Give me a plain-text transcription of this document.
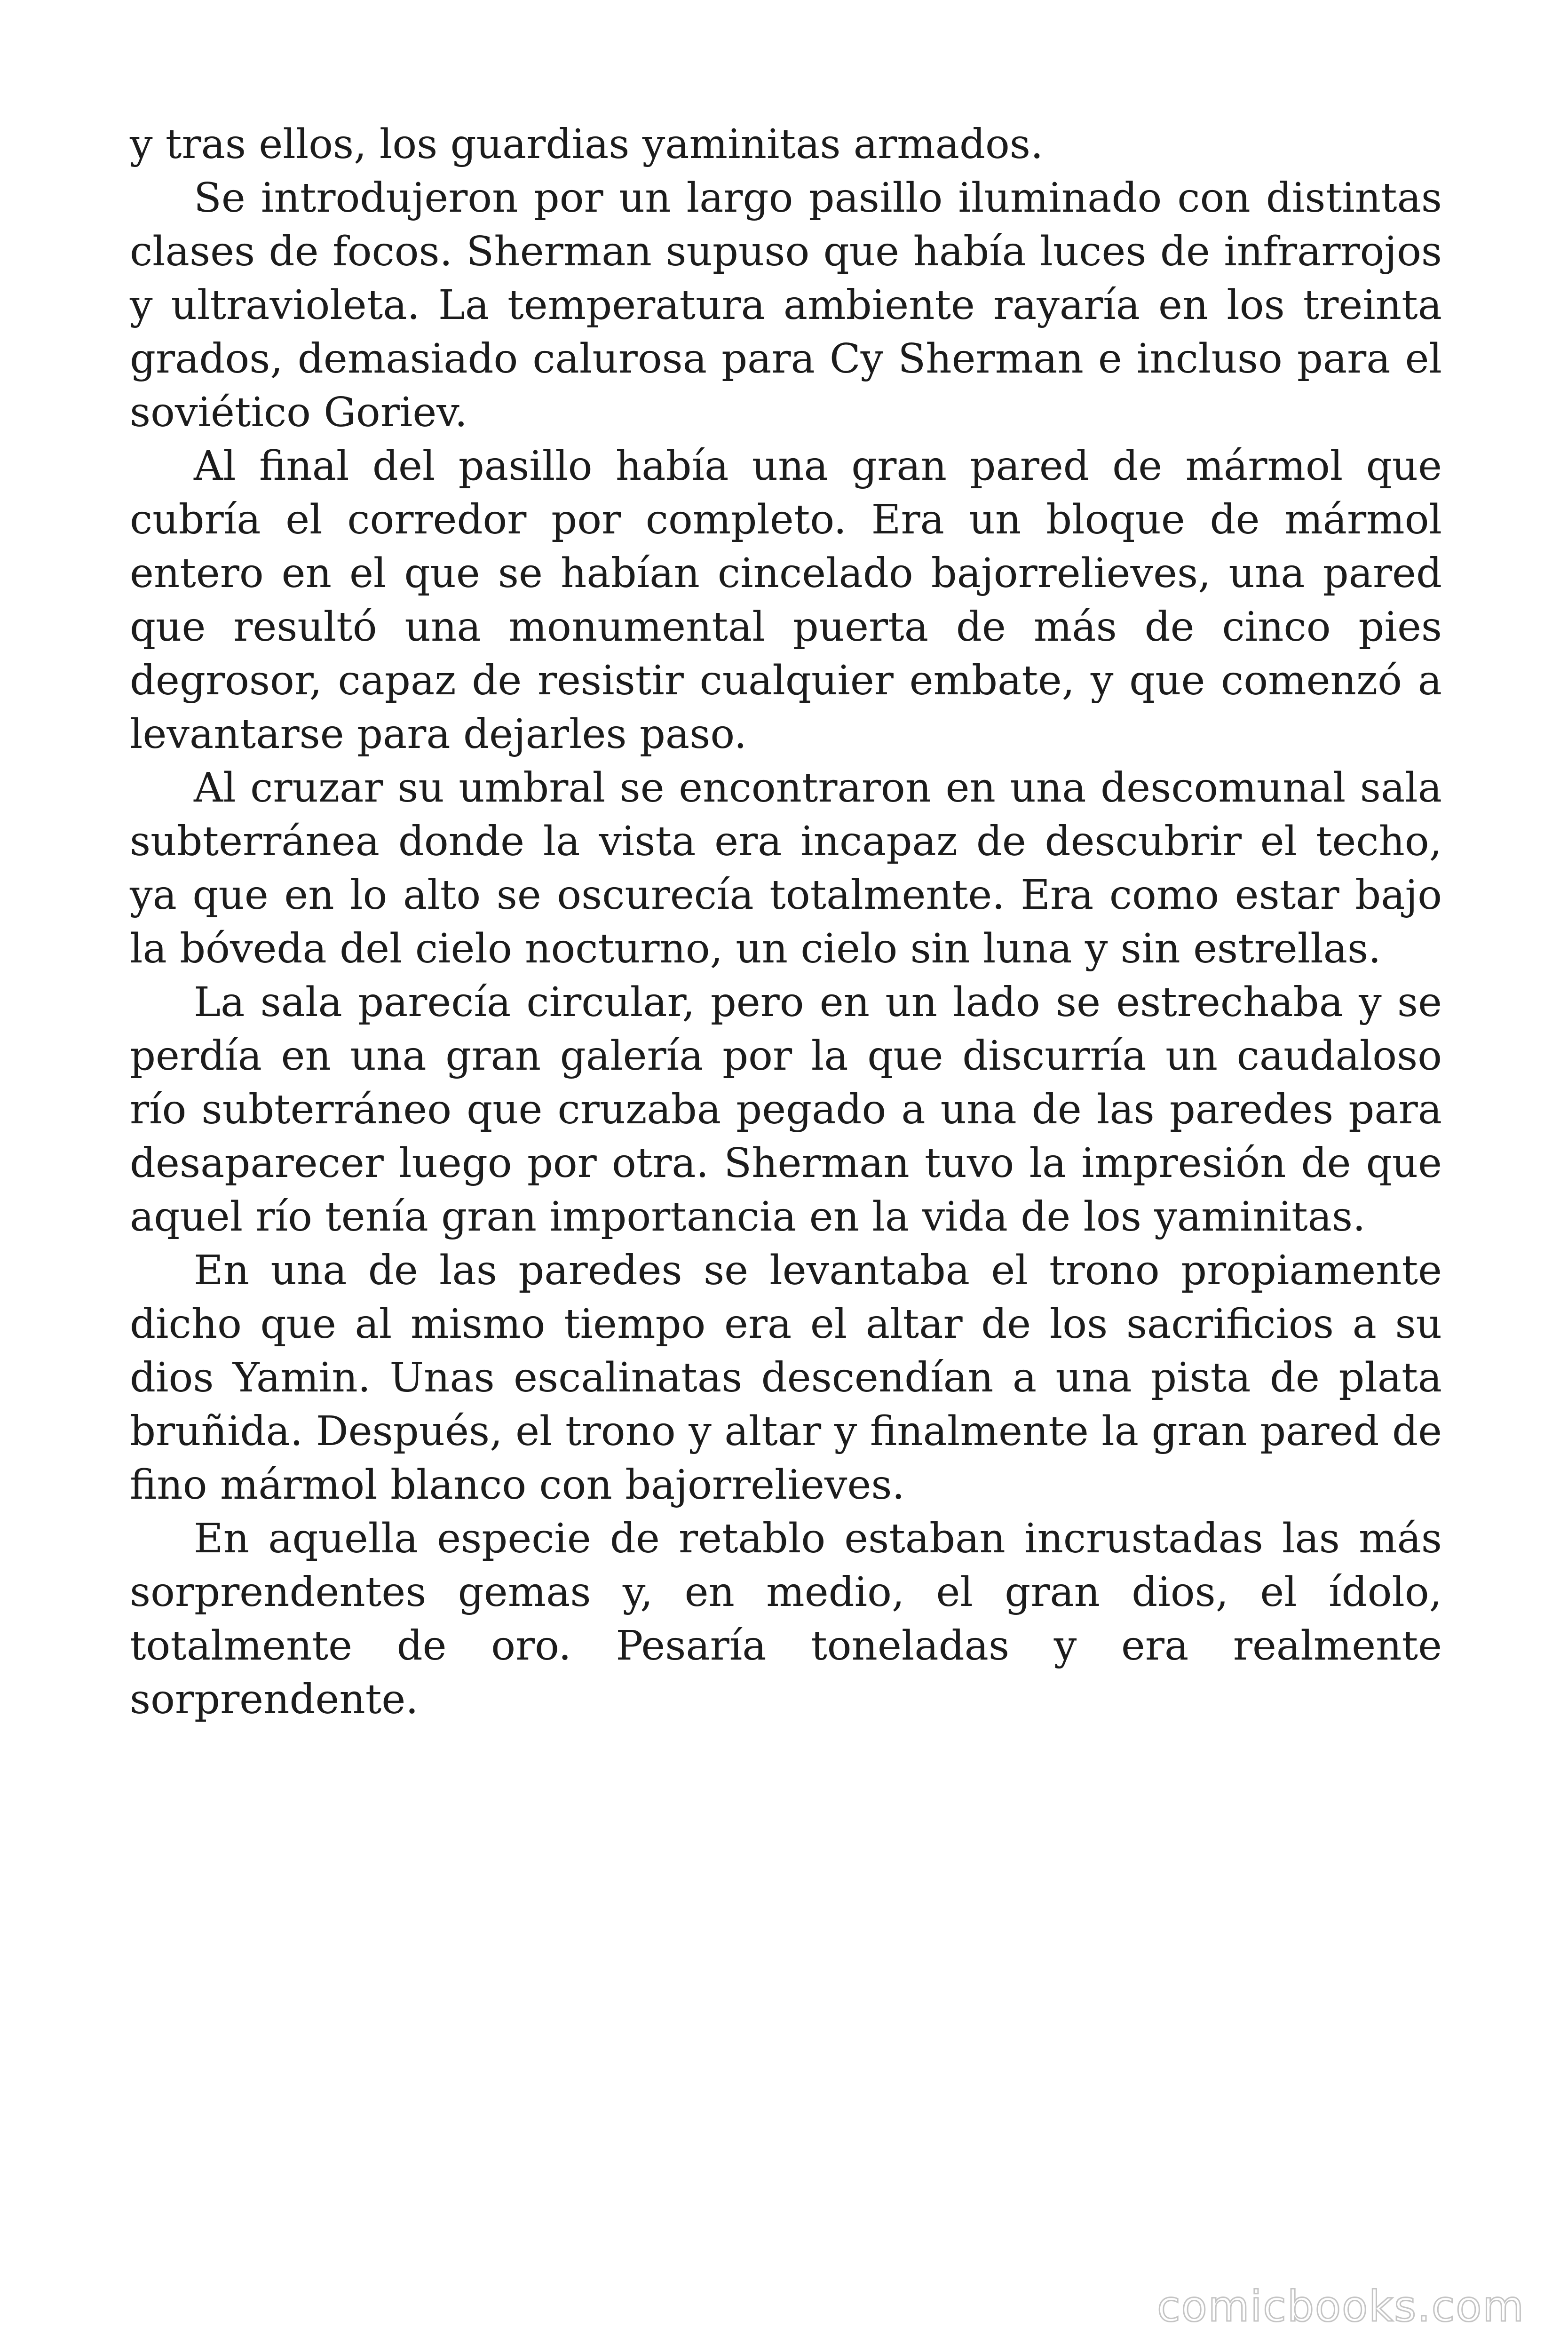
y tras ellos, los guardias yaminitas armados.

Se introdujeron por un largo pasillo iluminado con distintas clases de focos. Sherman supuso que había luces de infrarrojos y ultravioleta. La temperatura ambiente rayaría en los treinta grados, demasiado calurosa para Cy Sherman e incluso para el soviético Goriev.

Al final del pasillo había una gran pared de mármol que cubría el corredor por completo. Era un bloque de mármol entero en el que se habían cincelado bajorrelieves, una pared que resultó una monumental puerta de más de cinco pies degrosor, capaz de resistir cualquier embate, y que comenzó a levantarse para dejarles paso.

Al cruzar su umbral se encontraron en una descomunal sala subterránea donde la vista era incapaz de descubrir el techo, ya que en lo alto se oscurecía totalmente. Era como estar bajo la bóveda del cielo nocturno, un cielo sin luna y sin estrellas.

La sala parecía circular, pero en un lado se estrechaba y se perdía en una gran galería por la que discurría un caudaloso río subterráneo que cruzaba pegado a una de las paredes para desaparecer luego por otra. Sherman tuvo la impresión de que aquel río tenía gran importancia en la vida de los yaminitas.

En una de las paredes se levantaba el trono propiamente dicho que al mismo tiempo era el altar de los sacrificios a su dios Yamin. Unas escalinatas descendían a una pista de plata bruñida. Después, el trono y altar y finalmente la gran pared de fino mármol blanco con bajorrelieves.

En aquella especie de retablo estaban incrustadas las más sorprendentes gemas y, en medio, el gran dios, el ídolo, totalmente de oro. Pesaría toneladas y era realmente sorprendente.

comicbooks.com
